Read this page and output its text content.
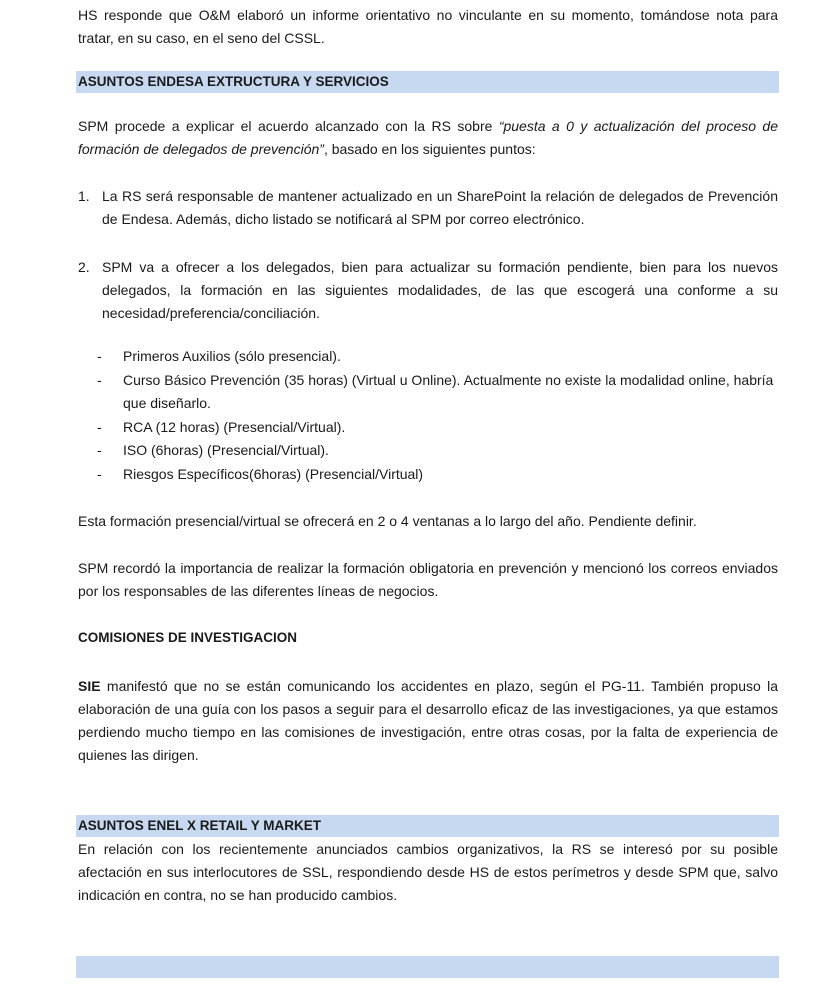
HS responde que O&M elaboró un informe orientativo no vinculante en su momento, tomándose nota para tratar, en su caso, en el seno del CSSL.

ASUNTOS ENDESA EXTRUCTURA Y SERVICIOS

SPM procede a explicar el acuerdo alcanzado con la RS sobre “puesta a 0 y actualización del proceso de formación de delegados de prevención”, basado en los siguientes puntos:

1. La RS será responsable de mantener actualizado en un SharePoint la relación de delegados de Prevención de Endesa. Además, dicho listado se notificará al SPM por correo electrónico.
2. SPM va a ofrecer a los delegados, bien para actualizar su formación pendiente, bien para los nuevos delegados, la formación en las siguientes modalidades, de las que escogerá una conforme a su necesidad/preferencia/conciliación.
- Primeros Auxilios (sólo presencial).
- Curso Básico Prevención (35 horas) (Virtual u Online). Actualmente no existe la modalidad online, habría que diseñarlo.
- RCA (12 horas) (Presencial/Virtual).
- ISO (6horas) (Presencial/Virtual).
- Riesgos Específicos(6horas) (Presencial/Virtual)

Esta formación presencial/virtual se ofrecerá en 2 o 4 ventanas a lo largo del año. Pendiente definir.

SPM recordó la importancia de realizar la formación obligatoria en prevención y mencionó los correos enviados por los responsables de las diferentes líneas de negocios.

COMISIONES DE INVESTIGACION

SIE manifestó que no se están comunicando los accidentes en plazo, según el PG-11. También propuso la elaboración de una guía con los pasos a seguir para el desarrollo eficaz de las investigaciones, ya que estamos perdiendo mucho tiempo en las comisiones de investigación, entre otras cosas, por la falta de experiencia de quienes las dirigen.

ASUNTOS ENEL X RETAIL Y MARKET

En relación con los recientemente anunciados cambios organizativos, la RS se interesó por su posible afectación en sus interlocutores de SSL, respondiendo desde HS de estos perímetros y desde SPM que, salvo indicación en contra, no se han producido cambios.
